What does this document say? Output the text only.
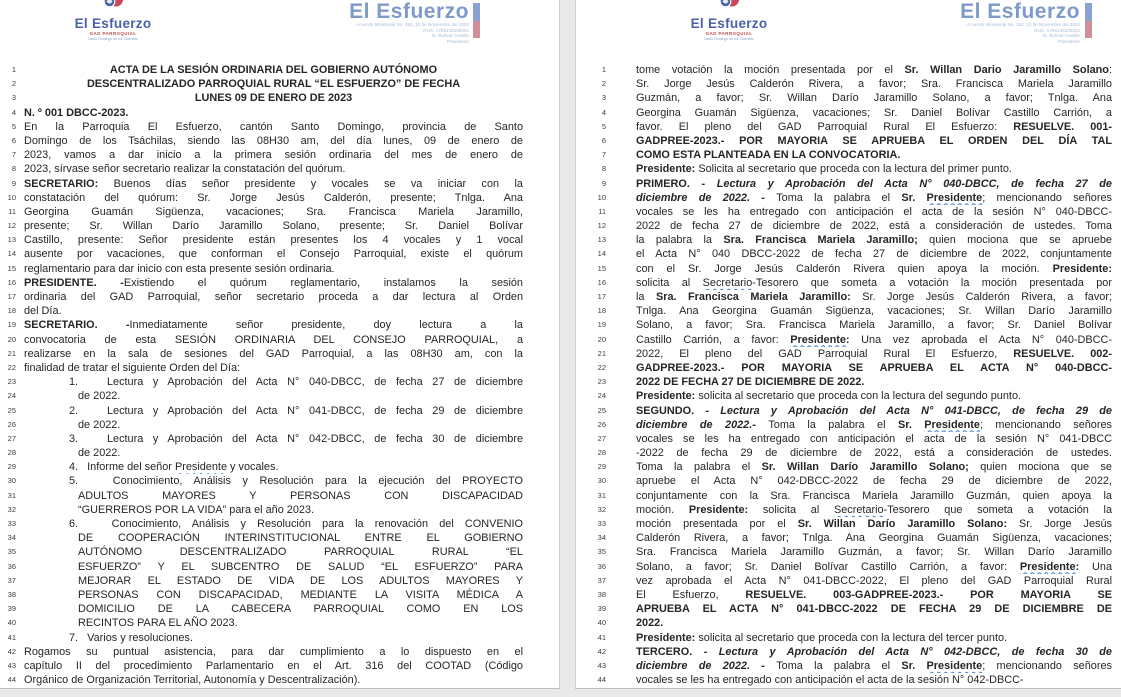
El Esfuerzo
GAD PARROQUIAL
Santo Domingo de los Tsáchilas
El Esfuerzo
Acuerdo Ministerial No. 352, 10 de Noviembre del 2003
RUC: 1768138200001
Sr. Bolívar Castillo
Presidente
1	ACTA DE LA SESIÓN ORDINARIA DEL GOBIERNO AUTÓNOMO
2	DESCENTRALIZADO PARROQUIAL RURAL “EL ESFUERZO” DE FECHA
3	LUNES 09 DE ENERO DE 2023
4 N. º 001 DBCC-2023.
5 En la Parroquia El Esfuerzo, cantón Santo Domingo, provincia de Santo
6 Domingo de los Tsáchilas, siendo las 08H30 am, del día lunes, 09 de enero de
7 2023, vamos a dar inicio a la primera sesión ordinaria del mes de enero de
8 2023, sírvase señor secretario realizar la constatación del quórum.
9 SECRETARIO: Buenos días señor presidente y vocales se va iniciar con la
10 constatación del quórum: Sr. Jorge Jesús Calderón, presente; Tnlga. Ana
11 Georgina Guamán Sigüenza, vacaciones; Sra. Francisca Mariela Jaramillo,
12 presente; Sr. Willan Darío Jaramillo Solano, presente; Sr. Daniel Bolívar
13 Castillo, presente: Señor presidente están presentes los 4 vocales y 1 vocal
14 ausente por vacaciones, que conforman el Consejo Parroquial, existe el quórum
15 reglamentario para dar inicio con esta presente sesión ordinaria.
16 PRESIDENTE. -Existiendo el quórum reglamentario, instalamos la sesión
17 ordinaria del GAD Parroquial, señor secretario proceda a dar lectura al Orden
18 del Día.
19 SECRETARIO. -Inmediatamente señor presidente, doy lectura a la
20 convocatoria de esta SESIÓN ORDINARIA DEL CONSEJO PARROQUIAL, a
21 realizarse en la sala de sesiones del GAD Parroquial, a las 08H30 am, con la
22 finalidad de tratar el siguiente Orden del Día:
23	1.   Lectura y Aprobación del Acta N° 040-DBCC, de fecha 27 de diciembre
24	de 2022.
25	2.   Lectura y Aprobación del Acta N° 041-DBCC, de fecha 29 de diciembre
26	de 2022.
27	3.   Lectura y Aprobación del Acta N° 042-DBCC, de fecha 30 de diciembre
28	de 2022.
29	4.   Informe del señor Presidente y vocales.
30	5.   Conocimiento, Análisis y Resolución para la ejecución del PROYECTO
31	ADULTOS MAYORES Y PERSONAS CON DISCAPACIDAD
32	“GUERREROS POR LA VIDA” para el año 2023.
33	6.   Conocimiento, Análisis y Resolución para la renovación del CONVENIO
34	DE COOPERACIÓN INTERINSTITUCIONAL ENTRE EL GOBIERNO
35	AUTÓNOMO DESCENTRALIZADO PARROQUIAL RURAL “EL
36	ESFUERZO” Y EL SUBCENTRO DE SALUD “EL ESFUERZO” PARA
37	MEJORAR EL ESTADO DE VIDA DE LOS ADULTOS MAYORES Y
38	PERSONAS CON DISCAPACIDAD, MEDIANTE LA VISITA MÉDICA A
39	DOMICILIO DE LA CABECERA PARROQUIAL COMO EN LOS
40	RECINTOS PARA EL AÑO 2023.
41	7.   Varios y resoluciones.
42 Rogamos su puntual asistencia, para dar cumplimiento a lo dispuesto en el
43 capítulo II del procedimiento Parlamentario en el Art. 316 del COOTAD (Código
44 Orgánico de Organización Territorial, Autonomía y Descentralización).
El Esfuerzo
GAD PARROQUIAL
Santo Domingo de los Tsáchilas
El Esfuerzo
Acuerdo Ministerial No. 352, 10 de Noviembre del 2003
RUC: 1768138200001
Sr. Bolívar Castillo
Presidente
1	tome votación la moción presentada por el Sr. Willan Dario Jaramillo Solano:
2	Sr. Jorge Jesús Calderón Rivera, a favor; Sra. Francisca Mariela Jaramillo
3	Guzmán, a favor; Sr. Willan Darío Jaramillo Solano, a favor; Tnlga. Ana
4	Georgina Guamán Sigüenza, vacaciones; Sr. Daniel Bolívar Castillo Carrión, a
5	favor. El pleno del GAD Parroquial Rural El Esfuerzo: RESUELVE. 001-
6	GADPREE-2023.- POR MAYORIA SE APRUEBA EL ORDEN DEL DÍA TAL
7	COMO ESTA PLANTEADA EN LA CONVOCATORIA.
8	Presidente: Solicita al secretario que proceda con la lectura del primer punto.
9	PRIMERO. - Lectura y Aprobación del Acta N° 040-DBCC, de fecha 27 de
10	diciembre de 2022. - Toma la palabra el Sr. Presidente; mencionando señores
11	vocales se les ha entregado con anticipación el acta de la sesión N° 040-DBCC-
12	2022 de fecha 27 de diciembre de 2022, está a consideración de ustedes. Toma
13	la palabra la Sra. Francisca Mariela Jaramillo; quien mociona que se apruebe
14	el Acta N° 040 DBCC-2022 de fecha 27 de diciembre de 2022, conjuntamente
15	con el Sr. Jorge Jesús Calderón Rivera quien apoya la moción. Presidente:
16	solicita al Secretario-Tesorero que someta a votación la moción presentada por
17	la Sra. Francisca Mariela Jaramillo: Sr. Jorge Jesús Calderón Rivera, a favor;
18	Tnlga. Ana Georgina Guamán Sigüenza, vacaciones; Sr. Willan Darío Jaramillo
19	Solano, a favor; Sra. Francisca Mariela Jaramillo, a favor; Sr. Daniel Bolívar
20	Castillo Carrión, a favor: Presidente: Una vez aprobada el Acta N° 040-DBCC-
21	2022, El pleno del GAD Parroquial Rural El Esfuerzo, RESUELVE. 002-
22	GADPREE-2023.- POR MAYORIA SE APRUEBA EL ACTA N° 040-DBCC-
23	2022 DE FECHA 27 DE DICIEMBRE DE 2022.
24	Presidente: solicita al secretario que proceda con la lectura del segundo punto.
25	SEGUNDO. - Lectura y Aprobación del Acta N° 041-DBCC, de fecha 29 de
26	diciembre de 2022.- Toma la palabra el Sr. Presidente; mencionando señores
27	vocales se les ha entregado con anticipación el acta de la sesión N° 041-DBCC
28	-2022 de fecha 29 de diciembre de 2022, está a consideración de ustedes.
29	Toma la palabra el Sr. Willan Darío Jaramillo Solano; quien mociona que se
30	apruebe el Acta N° 042-DBCC-2022 de fecha 29 de diciembre de 2022,
31	conjuntamente con la Sra. Francisca Mariela Jaramillo Guzmán, quien apoya la
32	moción. Presidente: solicita al Secretario-Tesorero que someta a votación la
33	moción presentada por el Sr. Willan Darío Jaramillo Solano: Sr. Jorge Jesús
34	Calderón Rivera, a favor; Tnlga. Ana Georgina Guamán Sigüenza, vacaciones;
35	Sra. Francisca Mariela Jaramillo Guzmán, a favor; Sr. Willan Darío Jaramillo
36	Solano, a favor; Sr. Daniel Bolívar Castillo Carrión, a favor: Presidente: Una
37	vez aprobada el Acta N° 041-DBCC-2022, El pleno del GAD Parroquial Rural
38	El Esfuerzo, RESUELVE. 003-GADPREE-2023.- POR MAYORIA SE
39	APRUEBA EL ACTA N° 041-DBCC-2022 DE FECHA 29 DE DICIEMBRE DE
40	2022.
41	Presidente: solicita al secretario que proceda con la lectura del tercer punto.
42	TERCERO. - Lectura y Aprobación del Acta N° 042-DBCC, de fecha 30 de
43	diciembre de 2022. - Toma la palabra el Sr. Presidente; mencionando señores
44	vocales se les ha entregado con anticipación el acta de la sesión N° 042-DBCC-
